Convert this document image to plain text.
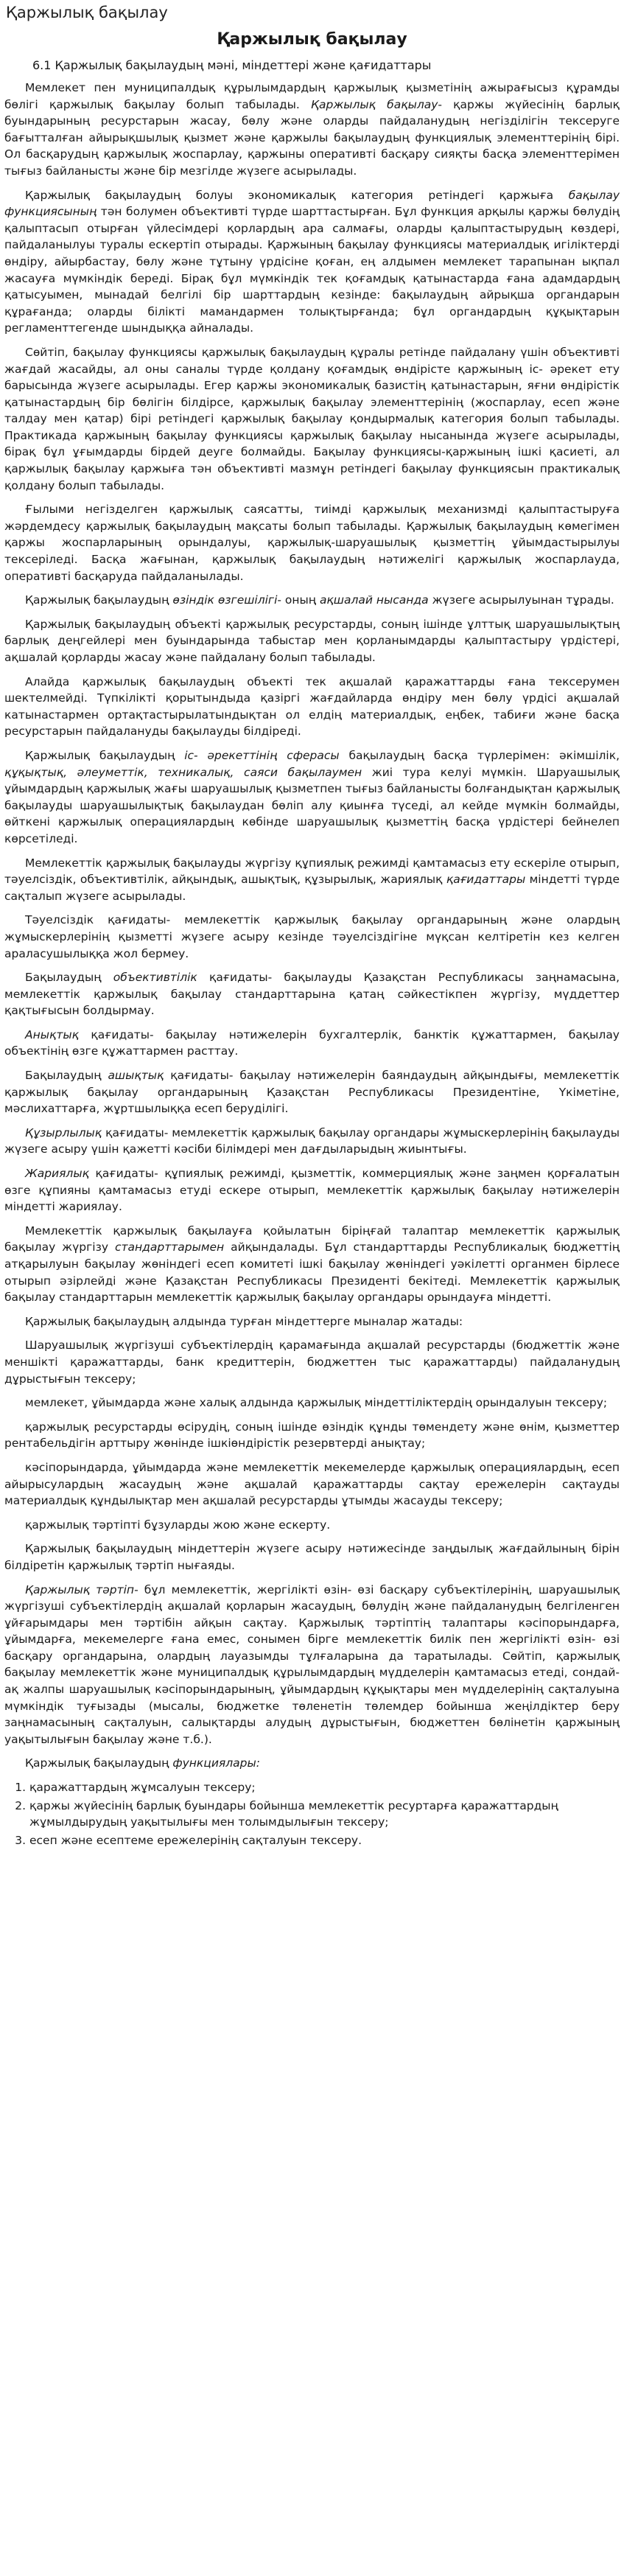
Қаржылық бақылау
Қаржылық бақылау
6.1 Қаржылық бақылаудың мәні, міндеттері және қағидаттары

Мемлекет пен муниципалдық құрылымдардың қаржылық қызметінің ажырағысыз құрамды бөлігі қаржылық бақылау болып табылады. Қаржылық бақылау- қаржы жүйесінің барлық буындарының ресурстарын жасау, бөлу және оларды пайдаланудың негізділігін тексеруге бағытталған айырықшылық қызмет және қаржылы бақылаудың функциялық элементтерінің бірі. Ол басқарудың қаржылық жоспарлау, қаржыны оперативті басқару сияқты басқа элементтерімен тығыз байланысты және бір мезгілде жүзеге асырылады.

Қаржылық бақылаудың болуы экономикалық категория ретіндегі қаржыға бақылау функциясының тән болумен объективті түрде шарттастырған. Бұл функция арқылы қаржы бөлудің қалыптасып отырған үйлесімдері қорлардың ара салмағы, оларды қалыптастырудың көздері, пайдаланылуы туралы ескертіп отырады. Қаржының бақылау функциясы материалдық игіліктерді өндіру, айырбастау, бөлу және тұтыну үрдісіне қоған, ең алдымен мемлекет тарапынан ықпал жасауға мүмкіндік береді. Бірақ бұл мүмкіндік тек қоғамдық қатынастарда ғана адамдардың қатысуымен, мынадай белгілі бір шарттардың кезінде: бақылаудың айрықша органдарын құрағанда; оларды білікті мамандармен толықтырғанда; бұл органдардың құқықтарын регламенттегенде шындыққа айналады.

Сөйтіп, бақылау функциясы қаржылық бақылаудың құралы ретінде пайдалану үшін объективті жағдай жасайды, ал оны саналы түрде қолдану қоғамдық өндірісте қаржының іс- әрекет ету барысында жүзеге асырылады. Егер қаржы экономикалық базистің қатынастарын, яғни өндірістік қатынастардың бір бөлігін білдірсе, қаржылық бақылау элементтерінің (жоспарлау, есеп және талдау мен қатар) бірі ретіндегі қаржылық бақылау қондырмалық категория болып табылады. Практикада қаржының бақылау функциясы қаржылық бақылау нысанында жүзеге асырылады, бірақ бұл ұғымдарды бірдей деуге болмайды. Бақылау функциясы-қаржының ішкі қасиеті, ал қаржылық бақылау қаржыға тән объективті мазмұн ретіндегі бақылау функциясын практикалық қолдану болып табылады.

Ғылыми негізделген қаржылық саясатты, тиімді қаржылық механизмді қалыптастыруға жәрдемдесу қаржылық бақылаудың мақсаты болып табылады. Қаржылық бақылаудың көмегімен қаржы жоспарларының орындалуы, қаржылық-шаруашылық қызметтің ұйымдастырылуы тексеріледі. Басқа жағынан, қаржылық бақылаудың нәтижелігі қаржылық жоспарлауда, оперативті басқаруда пайдаланылады.

Қаржылық бақылаудың өзіндік өзгешілігі- оның ақшалай нысанда жүзеге асырылуынан тұрады.

Қаржылық бақылаудың объекті қаржылық ресурстарды, соның ішінде ұлттық шаруашылықтың барлық деңгейлері мен буындарында табыстар мен қорланымдарды қалыптастыру үрдістері, ақшалай қорларды жасау және пайдалану болып табылады.

Алайда қаржылық бақылаудың объекті тек ақшалай қаражаттарды ғана тексерумен шектелмейді. Түпкілікті қорытындыда қазіргі жағдайларда өндіру мен бөлу үрдісі ақшалай катынастармен ортақтастырылатындықтан ол елдің материалдық, еңбек, табиғи және басқа ресурстарын пайдалануды бақылауды білдіреді.

Қаржылық бақылаудың іс- әрекеттінің сферасы бақылаудың басқа түрлерімен: әкімшілік, құқықтық, әлеуметтік, техникалық, саяси бақылаумен жиі тура келуі мүмкін. Шаруашылық ұйымдардың қаржылық жағы шаруашылық қызметпен тығыз байланысты болғандықтан қаржылық бақылауды шаруашылықтық бақылаудан бөліп алу қиынға түседі, ал кейде мүмкін болмайды, өйткені қаржылық операциялардың көбінде шаруашылық қызметтің басқа үрдістері бейнелеп көрсетіледі.

Мемлекеттік қаржылық бақылауды жүргізу құпиялық режимді қамтамасыз ету ескеріле отырып, тәуелсіздік, объективтілік, айқындық, ашықтық, құзырылық, жариялық қағидаттары міндетті түрде сақталып жүзеге асырылады.

Тәуелсіздік қағидаты- мемлекеттік қаржылық бақылау органдарының және олардың жұмыскерлерінің қызметті жүзеге асыру кезінде тәуелсіздігіне мүқсан келтіретін кез келген араласушылыққа жол бермеу.

Бақылаудың объективтілік қағидаты- бақылауды Қазақстан Республикасы заңнамасына, мемлекеттік қаржылық бақылау стандарттарына қатаң сәйкестікпен жүргізу, мүддеттер қақтығысын болдырмау.

Анықтық қағидаты- бақылау нәтижелерін бухгалтерлік, банктік құжаттармен, бақылау объектінің өзге құжаттармен расттау.

Бақылаудың ашықтық қағидаты- бақылау нәтижелерін баяндаудың айқындығы, мемлекеттік қаржылық бақылау органдарының Қазақстан Республикасы Президентіне, Үкіметіне, мәслихаттарға, жұртшылыққа есеп беруділігі.

Құзырлылық қағидаты- мемлекеттік қаржылық бақылау органдары жұмыскерлерінің бақылауды жүзеге асыру үшін қажетті кәсіби білімдері мен дағдыларыдың жиынтығы.

Жариялық қағидаты- құпиялық режимді, қызметтік, коммерциялық және заңмен қорғалатын өзге құпияны қамтамасыз етуді ескере отырып, мемлекеттік қаржылық бақылау нәтижелерін міндетті жариялау.

Мемлекеттік қаржылық бақылауға қойылатын біріңғай талаптар мемлекеттік қаржылық бақылау жүргізу стандарттарымен айқындалады. Бұл стандарттарды Республикалық бюджеттің атқарылуын бақылау жөніндегі есеп комитеті ішкі бақылау жөніндегі уәкілетті органмен бірлесе отырып әзірлейді және Қазақстан Республикасы Президенті бекітеді. Мемлекеттік қаржылық бақылау стандарттарын мемлекеттік қаржылық бақылау органдары орындауға міндетті.

Қаржылық бақылаудың алдында турған міндеттерге мыналар жатады:

Шаруашылық жүргізуші субъектілердің қарамағында ақшалай ресурстарды (бюджеттік және меншікті қаражаттарды, банк кредиттерін, бюджеттен тыс қаражаттарды) пайдаланудың дұрыстығын тексеру;

мемлекет, ұйымдарда және халық алдында қаржылық міндеттіліктердің орындалуын тексеру;

қаржылық ресурстарды өсірудің, соның ішінде өзіндік құнды төмендету және өнім, қызметтер рентабельдігін арттыру жөнінде ішкіөндірістік резервтерді анықтау;

кәсіпорындарда, ұйымдарда және мемлекеттік мекемелерде қаржылық операциялардың, есеп айырысулардың жасаудың және ақшалай қаражаттарды сақтау ережелерін сақтауды материалдық құндылықтар мен ақшалай ресурстарды ұтымды жасауды тексеру;

қаржылық тәртіпті бұзуларды жою және ескерту.

Қаржылық бақылаудың міндеттерін жүзеге асыру нәтижесінде заңдылық жағдайлының бірін білдіретін қаржылық тәртіп нығаяды.

Қаржылық тәртіп- бұл мемлекеттік, жергілікті өзін- өзі басқару субъектілерінің, шаруашылық жүргізуші субъектілердің ақшалай қорларын жасаудың, бөлудің және пайдаланудың белгіленген ұйғарымдары мен тәртібін айқын сақтау. Қаржылық тәртіптің талаптары кәсіпорындарға, ұйымдарға, мекемелерге ғана емес, сонымен бірге мемлекеттік билік пен жергілікті өзін- өзі басқару органдарына, олардың лауазымды тұлғаларына да таратылады. Сөйтіп, қаржылық бақылау мемлекеттік және муниципалдық құрылымдардың мүдделерін қамтамасыз етеді, сондай- ақ жалпы шаруашылық кәсіпорындарының, ұйымдардың құқықтары мен мүдделерінің сақталуына мүмкіндік туғызады (мысалы, бюджетке төленетін төлемдер бойынша жеңілдіктер беру заңнамасының сақталуын, салықтарды алудың дұрыстығын, бюджеттен бөлінетін қаржының уақытылығын бақылау және т.б.).

Қаржылық бақылаудың функциялары:

1. қаражаттардың жұмсалуын тексеру;
2. қаржы жүйесінің барлық буындары бойынша мемлекеттік ресуртарға қаражаттардың жұмылдырудың уақытылығы мен толымдылығын тексеру;
3. есеп және есептеме ережелерінің сақталуын тексеру.
